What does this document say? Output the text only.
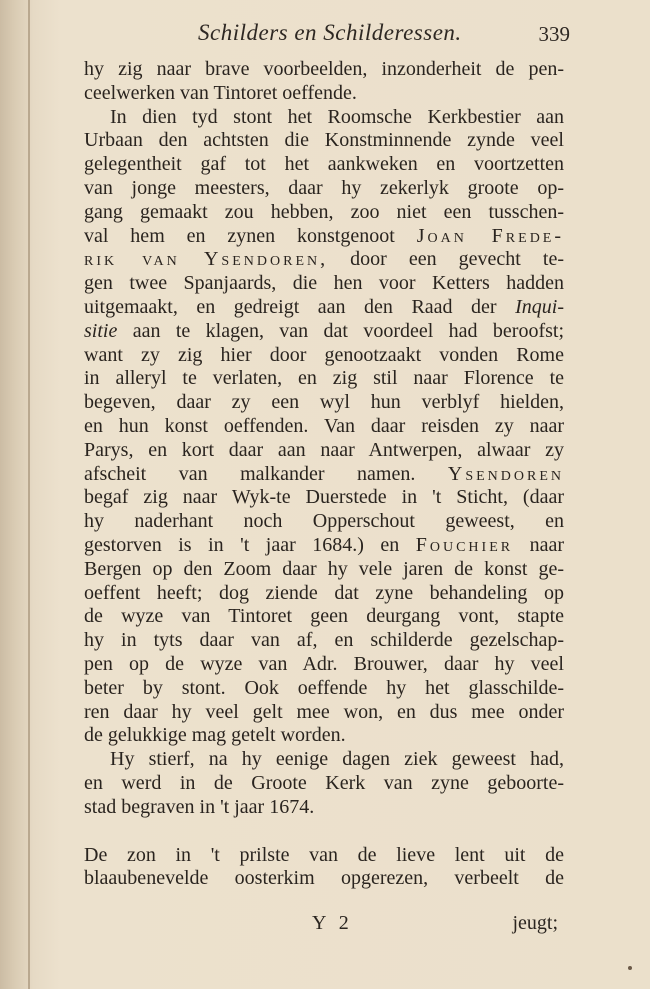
Schilders en Schilderessen.	339
hy zig naar brave voorbeelden, inzonderheit de pen-
ceelwerken van Tintoret oeffende.
In dien tyd stont het Roomsche Kerkbestier aan
Urbaan den achtsten die Konstminnende zynde veel
gelegentheit gaf tot het aankweken en voortzetten
van jonge meesters, daar hy zekerlyk groote op-
gang gemaakt zou hebben, zoo niet een tusschen-
val hem en zynen konstgenoot Joan Frede-
rik van Ysendoren, door een gevecht te-
gen twee Spanjaards, die hen voor Ketters hadden
uitgemaakt, en gedreigt aan den Raad der Inqui-
sitie aan te klagen, van dat voordeel had beroofst;
want zy zig hier door genootzaakt vonden Rome
in alleryl te verlaten, en zig stil naar Florence te
begeven, daar zy een wyl hun verblyf hielden,
en hun konst oeffenden. Van daar reisden zy naar
Parys, en kort daar aan naar Antwerpen, alwaar zy
afscheit van malkander namen. Ysendoren
begaf zig naar Wyk-te Duerstede in 't Sticht, (daar
hy naderhant noch Opperschout geweest, en
gestorven is in 't jaar 1684.) en Fouchier naar
Bergen op den Zoom daar hy vele jaren de konst ge-
oeffent heeft; dog ziende dat zyne behandeling op
de wyze van Tintoret geen deurgang vont, stapte
hy in tyts daar van af, en schilderde gezelschap-
pen op de wyze van Adr. Brouwer, daar hy veel
beter by stont. Ook oeffende hy het glasschilde-
ren daar hy veel gelt mee won, en dus mee onder
de gelukkige mag getelt worden.
Hy stierf, na hy eenige dagen ziek geweest had,
en werd in de Groote Kerk van zyne geboorte-
stad begraven in 't jaar 1674.
De zon in 't prilste van de lieve lent uit de
blaaubenevelde oosterkim opgerezen, verbeelt de
Y 2	jeugt;
